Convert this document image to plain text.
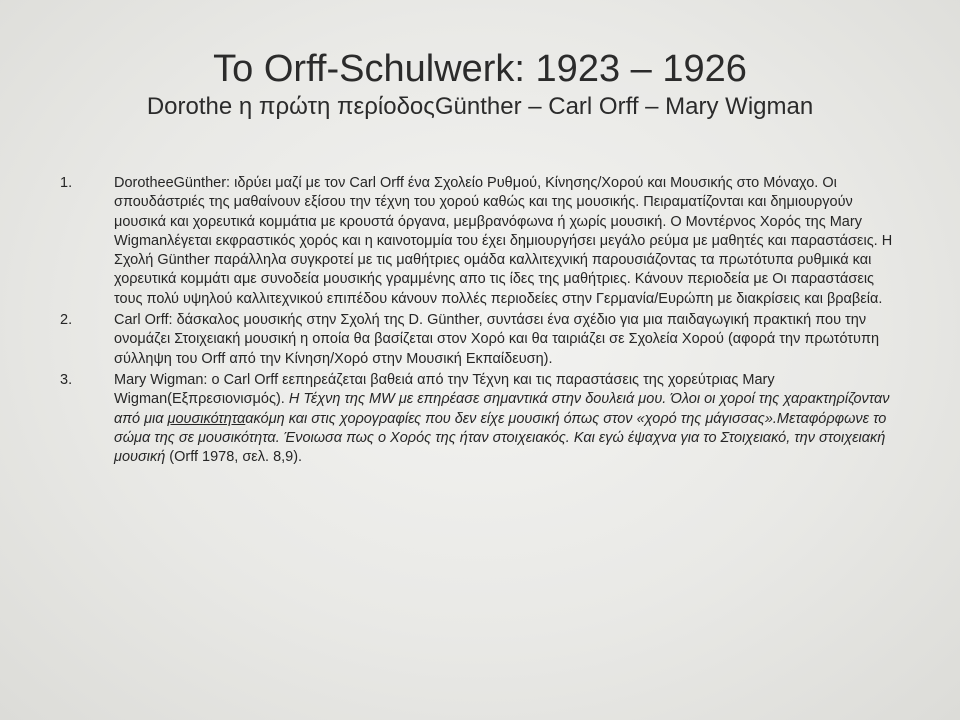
Το Orff-Schulwerk: 1923 – 1926
Dorothe η πρώτη περίοδοςGünther – Carl Orff – Mary Wigman
1.	DorotheeGünther: ιδρύει μαζί με τον Carl Orff ένα Σχολείο Ρυθμού, Κίνησης/Χορού και Μουσικής στο Μόναχο. Οι σπουδάστριές της μαθαίνουν εξίσου την τέχνη του χορού καθώς και της μουσικής. Πειραματίζονται και δημιουργούν μουσικά και χορευτικά κομμάτια με κρουστά όργανα, μεμβρανόφωνα ή χωρίς μουσική. Ο Μοντέρνος Χορός της Mary Wigmanλέγεται εκφραστικός χορός και η καινοτομμία του έχει δημιουργήσει μεγάλο ρεύμα με μαθητές και παραστάσεις. Η Σχολή Günther παράλληλα συγκροτεί με τις μαθήτριες ομάδα καλλιτεχνική παρουσιάζοντας τα πρωτότυπα ρυθμικά και χορευτικά κομμάτι αμε συνοδεία μουσικής γραμμένης απο τις ίδες της μαθήτριες. Κάνουν περιοδεία με Οι παραστάσεις τους πολύ υψηλού καλλιτεχνικού επιπέδου κάνουν πολλές περιοδείες στην Γερμανία/Ευρώπη με διακρίσεις και βραβεία.
2.	Carl Orff: δάσκαλος μουσικής στην Σχολή της D. Günther, συντάσει ένα σχέδιο για μια παιδαγωγική πρακτική που την ονομάζει Στοιχειακή μουσική η οποία θα βασίζεται στον Χορό και θα ταιριάζει σε Σχολεία Χορού (αφορά την πρωτότυπη σύλληψη του Orff από την Κίνηση/Χορό στην Μουσική Εκπαίδευση).
3.	Mary Wigman: ο Carl Orff εεπηρεάζεται βαθειά από την Τέχνη και τις παραστάσεις της χορεύτριας Mary Wigman(Εξπρεσιονισμός). Η Τέχνη της MW με επηρέασε σημαντικά στην δουλειά μου. Όλοι οι χοροί της χαρακτηρίζονταν από μια μουσικότηταακόμη και στις χορογραφίες που δεν είχε μουσική όπως στον «χορό της μάγισσας».Μεταφόρφωνε το σώμα της σε μουσικότητα. Ένοιωσα πως ο Χορός της ήταν στοιχειακός. Και εγώ έψαχνα για το Στοιχειακό, την στοιχειακή μουσική (Orff 1978, σελ. 8,9).
